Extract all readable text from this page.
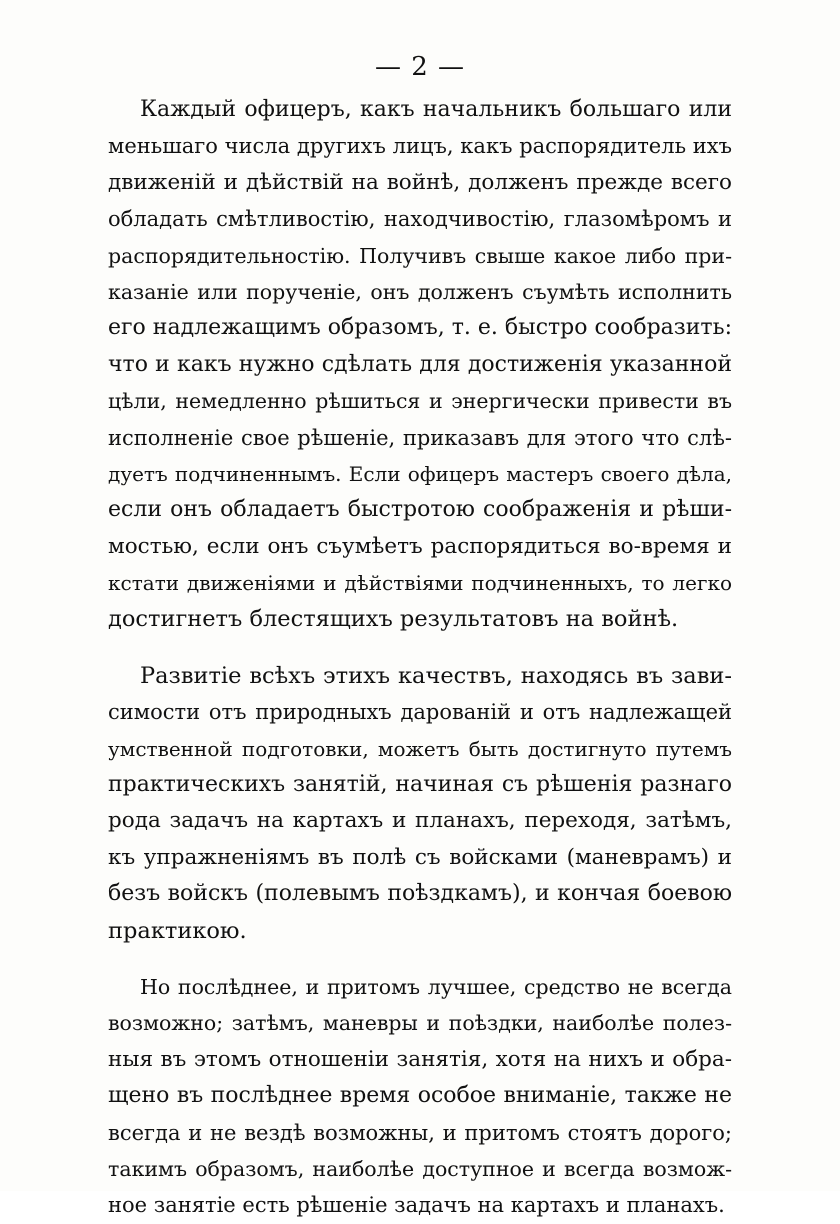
— 2 —
Каждый офицеръ, какъ начальникъ большаго или
меньшаго числа другихъ лицъ, какъ распорядитель ихъ
движеній и дѣйствій на войнѣ, долженъ прежде всего
обладать смѣтливостію, находчивостію, глазомѣромъ и
распорядительностію. Получивъ свыше какое либо при-
казаніе или порученіе, онъ долженъ съумѣть исполнить
его надлежащимъ образомъ, т. е. быстро сообразить:
что и какъ нужно сдѣлать для достиженія указанной
цѣли, немедленно рѣшиться и энергически привести въ
исполненіе свое рѣшеніе, приказавъ для этого что слѣ-
дуетъ подчиненнымъ. Если офицеръ мастеръ своего дѣла,
если онъ обладаетъ быстротою соображенія и рѣши-
мостью, если онъ съумѣетъ распорядиться во-время и
кстати движеніями и дѣйствіями подчиненныхъ, то легко
достигнетъ блестящихъ результатовъ на войнѣ.
Развитіе всѣхъ этихъ качествъ, находясь въ зави-
симости отъ природныхъ дарованій и отъ надлежащей
умственной подготовки, можетъ быть достигнуто путемъ
практическихъ занятій, начиная съ рѣшенія разнаго
рода задачъ на картахъ и планахъ, переходя, затѣмъ,
къ упражненіямъ въ полѣ съ войсками (маневрамъ) и
безъ войскъ (полевымъ поѣздкамъ), и кончая боевою
практикою.
Но послѣднее, и притомъ лучшее, средство не всегда
возможно; затѣмъ, маневры и поѣздки, наиболѣе полез-
ныя въ этомъ отношеніи занятія, хотя на нихъ и обра-
щено въ послѣднее время особое вниманіе, также не
всегда и не вездѣ возможны, и притомъ стоятъ дорого;
такимъ образомъ, наиболѣе доступное и всегда возмож-
ное занятіе есть рѣшеніе задачъ на картахъ и планахъ.
